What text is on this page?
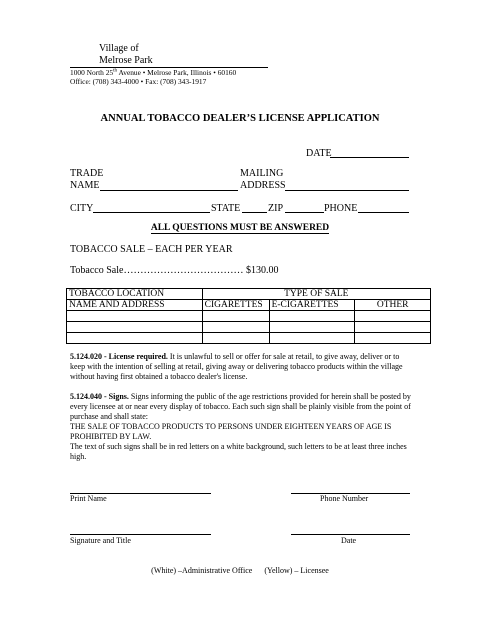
Village of
Melrose Park
1000 North 25th Avenue • Melrose Park, Illinois • 60160
Office: (708) 343-4000 • Fax: (708) 343-1917
ANNUAL TOBACCO DEALER’S LICENSE APPLICATION
DATE
TRADE
NAME
MAILING
ADDRESS
CITY	STATE	ZIP	PHONE
ALL QUESTIONS MUST BE ANSWERED
TOBACCO SALE – EACH PER YEAR
Tobacco Sale……………………………… $130.00
TOBACCO LOCATION	TYPE OF SALE		
NAME AND ADDRESS	CIGARETTES	E-CIGARETTES	OTHER

5.124.020 - License required. It is unlawful to sell or offer for sale at retail, to give away, deliver or to keep with the intention of selling at retail, giving away or delivering tobacco products within the village without having first obtained a tobacco dealer's license.
5.124.040 - Signs. Signs informing the public of the age restrictions provided for herein shall be posted by every licensee at or near every display of tobacco. Each such sign shall be plainly visible from the point of purchase and shall state:
THE SALE OF TOBACCO PRODUCTS TO PERSONS UNDER EIGHTEEN YEARS OF AGE IS PROHIBITED BY LAW.
The text of such signs shall be in red letters on a white background, such letters to be at least three inches high.
Print Name	Phone Number
Signature and Title	Date
(White) –Administrative Office      (Yellow) – Licensee
